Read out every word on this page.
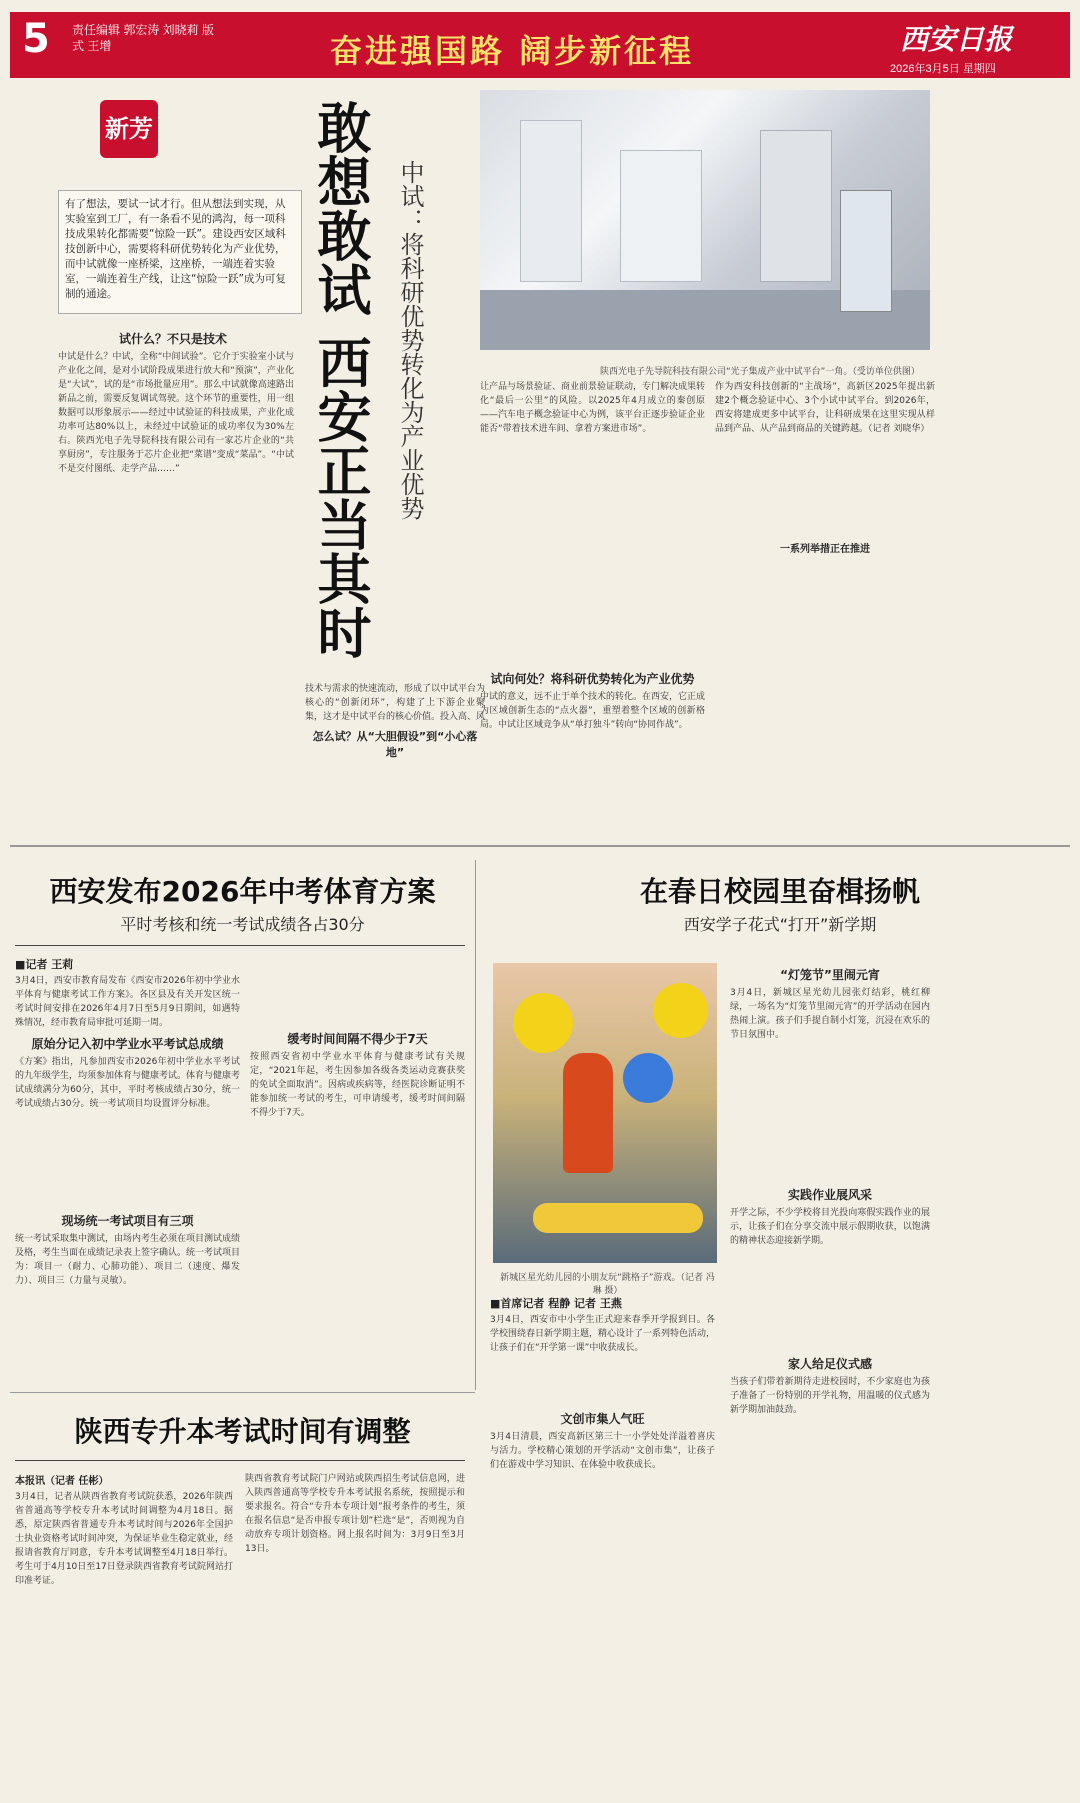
5 责任编辑 郭宏涛 刘晓莉 版式 王增	奋进强国路 阔步新征程	西安日报
2026年3月5日 星期四
新芳
有了想法，要试一试才行。但从想法到实现，从实验室到工厂，有一条看不见的鸿沟，每一项科技成果转化都需要“惊险一跃”。建设西安区域科技创新中心，需要将科研优势转化为产业优势，而中试就像一座桥梁，这座桥，一端连着实验室，一端连着生产线，让这“惊险一跃”成为可复制的通途。	敢想敢试 西安正当其时 中试：将科研优势转化为产业优势	陕西光电子先导院科技有限公司“光子集成产业中试平台”一角。（受访单位供图）
试什么？不只是技术
中试是什么？中试，全称“中间试验”。它介于实验室小试与产业化之间，是对小试阶段成果进行放大和“预演”，产业化是“大试”，试的是“市场批量应用”。那么中试就像高速路出新品之前，需要反复调试驾驶。这个环节的重要性，用一组数据可以形象展示——经过中试验证的科技成果，产业化成功率可达80%以上，未经过中试验证的成功率仅为30%左右。陕西光电子先导院科技有限公司有一家芯片企业的“共享厨房”，专注服务于芯片企业把“菜谱”变成“菜品”。“中试不是交付图纸、走学产品……”
技术与需求的快速流动，形成了以中试平台为核心的“创新闭环”，构建了上下游企业聚集，这才是中试平台的核心价值。投入高、风
怎么试？从“大胆假设”到“小心落地”
让产品与场景验证、商业前景验证联动，专门解决成果转化“最后一公里”的风险。以2025年4月成立的秦创原——汽车电子概念验证中心为例，该平台正逐步验证企业能否“带着技术进车间、拿着方案进市场”。
试向何处？将科研优势转化为产业优势
中试的意义，远不止于单个技术的转化。在西安，它正成为区域创新生态的“点火器”，重塑着整个区域的创新格局。中试让区域竞争从“单打独斗”转向“协同作战”。
作为西安科技创新的“主战场”，高新区2025年提出新建2个概念验证中心、3个小试中试平台。到2026年，西安将建成更多中试平台，让科研成果在这里实现从样品到产品、从产品到商品的关键跨越。（记者 刘晓华）
一系列举措正在推进
西安发布2026年中考体育方案
平时考核和统一考试成绩各占30分
■记者 王莉
3月4日，西安市教育局发布《西安市2026年初中学业水平体育与健康考试工作方案》。各区县及有关开发区统一考试时间安排在2026年4月7日至5月9日期间，如遇特殊情况，经市教育局审批可延期一周。
原始分记入初中学业水平考试总成绩
《方案》指出，凡参加西安市2026年初中学业水平考试的九年级学生，均须参加体育与健康考试。体育与健康考试成绩满分为60分，其中，平时考核成绩占30分，统一考试成绩占30分。统一考试项目均设置评分标准。
现场统一考试项目有三项
统一考试采取集中测试，由场内考生必须在项目测试成绩及格，考生当面在成绩记录表上签字确认。统一考试项目为：项目一（耐力、心肺功能）、项目二（速度、爆发力）、项目三（力量与灵敏）。
缓考时间间隔不得少于7天
按照西安省初中学业水平体育与健康考试有关规定，“2021年起，考生因参加各级各类运动竞赛获奖的免试全面取消”。因病或疾病等，经医院诊断证明不能参加统一考试的考生，可申请缓考，缓考时间间隔不得少于7天。
在春日校园里奋楫扬帆
西安学子花式“打开”新学期
新城区星光幼儿园的小朋友玩“跳格子”游戏。（记者 冯琳 摄）
“灯笼节”里闹元宵
3月4日，新城区星光幼儿园张灯结彩，桃红柳绿，一场名为“灯笼节里闹元宵”的开学活动在园内热闹上演。孩子们手提自制小灯笼，沉浸在欢乐的节日氛围中。
实践作业展风采
开学之际，不少学校将目光投向寒假实践作业的展示，让孩子们在分享交流中展示假期收获，以饱满的精神状态迎接新学期。
家人给足仪式感
当孩子们带着新期待走进校园时，不少家庭也为孩子准备了一份特别的开学礼物，用温暖的仪式感为新学期加油鼓劲。
■首席记者 程静 记者 王燕
3月4日，西安市中小学生正式迎来春季开学报到日。各学校围绕春日新学期主题，精心设计了一系列特色活动，让孩子们在“开学第一课”中收获成长。
文创市集人气旺
3月4日清晨，西安高新区第三十一小学处处洋溢着喜庆与活力。学校精心策划的开学活动“文创市集”，让孩子们在游戏中学习知识、在体验中收获成长。
陕西专升本考试时间有调整
本报讯（记者 任彬）
3月4日，记者从陕西省教育考试院获悉，2026年陕西省普通高等学校专升本考试时间调整为4月18日。据悉，原定陕西省普通专升本考试时间与2026年全国护士执业资格考试时间冲突，为保证毕业生稳定就业，经报请省教育厅同意，专升本考试调整至4月18日举行。考生可于4月10日至17日登录陕西省教育考试院网站打印准考证。
陕西省教育考试院门户网站或陕西招生考试信息网，进入陕西普通高等学校专升本考试报名系统，按照提示和要求报名。符合“专升本专项计划”报考条件的考生，须在报名信息“是否申报专项计划”栏选“是”，否则视为自动放弃专项计划资格。网上报名时间为：3月9日至3月13日。
